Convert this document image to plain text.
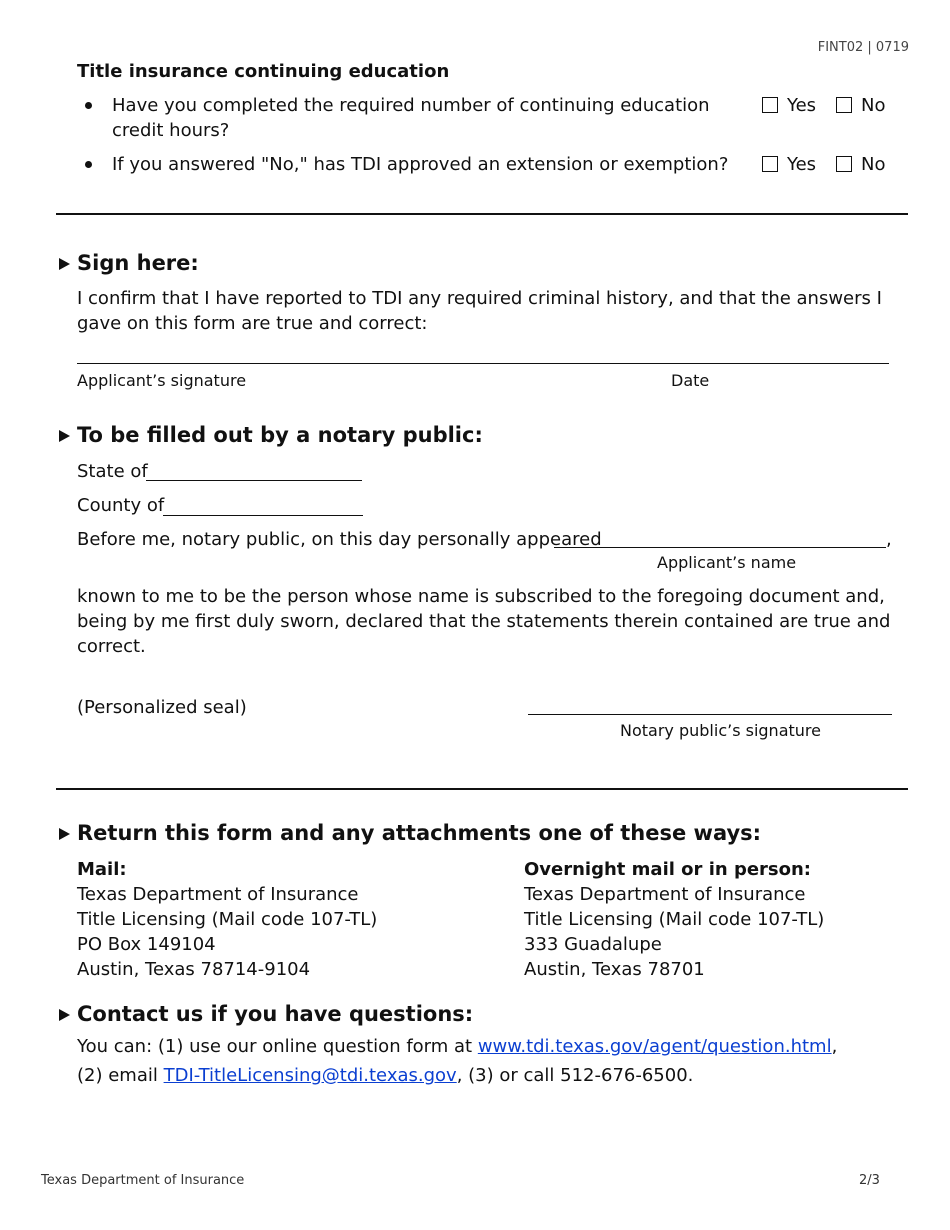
FINT02 | 0719
Title insurance continuing education
Have you completed the required number of continuing education credit hours?
Yes No
If you answered "No," has TDI approved an extension or exemption?	Yes No
Sign here:
I confirm that I have reported to TDI any required criminal history, and that the answers I gave on this form are true and correct:
Applicant’s signature	Date
To be filled out by a notary public:
State of
County of
Before me, notary public, on this day personally appeared	,
Applicant’s name
known to me to be the person whose name is subscribed to the foregoing document and, being by me first duly sworn, declared that the statements therein contained are true and correct.
(Personalized seal)
Notary public’s signature
Return this form and any attachments one of these ways:
Mail:
Texas Department of Insurance
Title Licensing (Mail code 107-TL)
PO Box 149104
Austin, Texas 78714-9104
Overnight mail or in person:
Texas Department of Insurance
Title Licensing (Mail code 107-TL)
333 Guadalupe
Austin, Texas 78701
Contact us if you have questions:
You can: (1) use our online question form at www.tdi.texas.gov/agent/question.html,
(2) email TDI-TitleLicensing@tdi.texas.gov, (3) or call 512-676-6500.
Texas Department of Insurance	2/3
